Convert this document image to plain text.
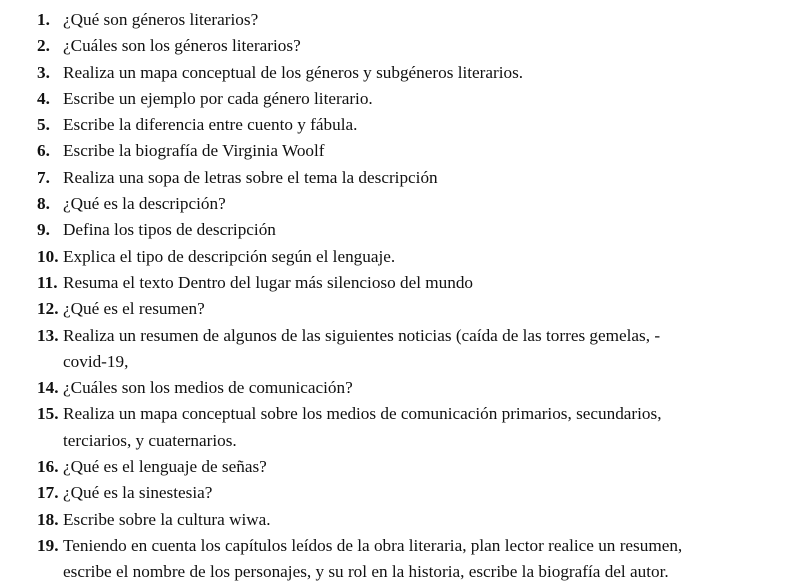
1. ¿Qué son géneros literarios?
2. ¿Cuáles son los géneros literarios?
3. Realiza un mapa conceptual de los géneros y subgéneros literarios.
4. Escribe un ejemplo por cada género literario.
5. Escribe la diferencia entre cuento y fábula.
6. Escribe la biografía de Virginia Woolf
7. Realiza una sopa de letras sobre el tema la descripción
8. ¿Qué es la descripción?
9. Defina los tipos de descripción
10. Explica el tipo de descripción según el lenguaje.
11. Resuma el texto Dentro del lugar más silencioso del mundo
12. ¿Qué es el resumen?
13. Realiza un resumen de algunos de las siguientes noticias (caída de las torres gemelas, -
covid-19,
14. ¿Cuáles son los medios de comunicación?
15. Realiza un mapa conceptual sobre los medios de comunicación primarios, secundarios,
terciarios, y cuaternarios.
16. ¿Qué es el lenguaje de señas?
17. ¿Qué es la sinestesia?
18. Escribe sobre la cultura wiwa.
19. Teniendo en cuenta los capítulos leídos de la obra literaria, plan lector realice un resumen,
escribe el nombre de los personajes, y su rol en la historia, escribe la biografía del autor.
